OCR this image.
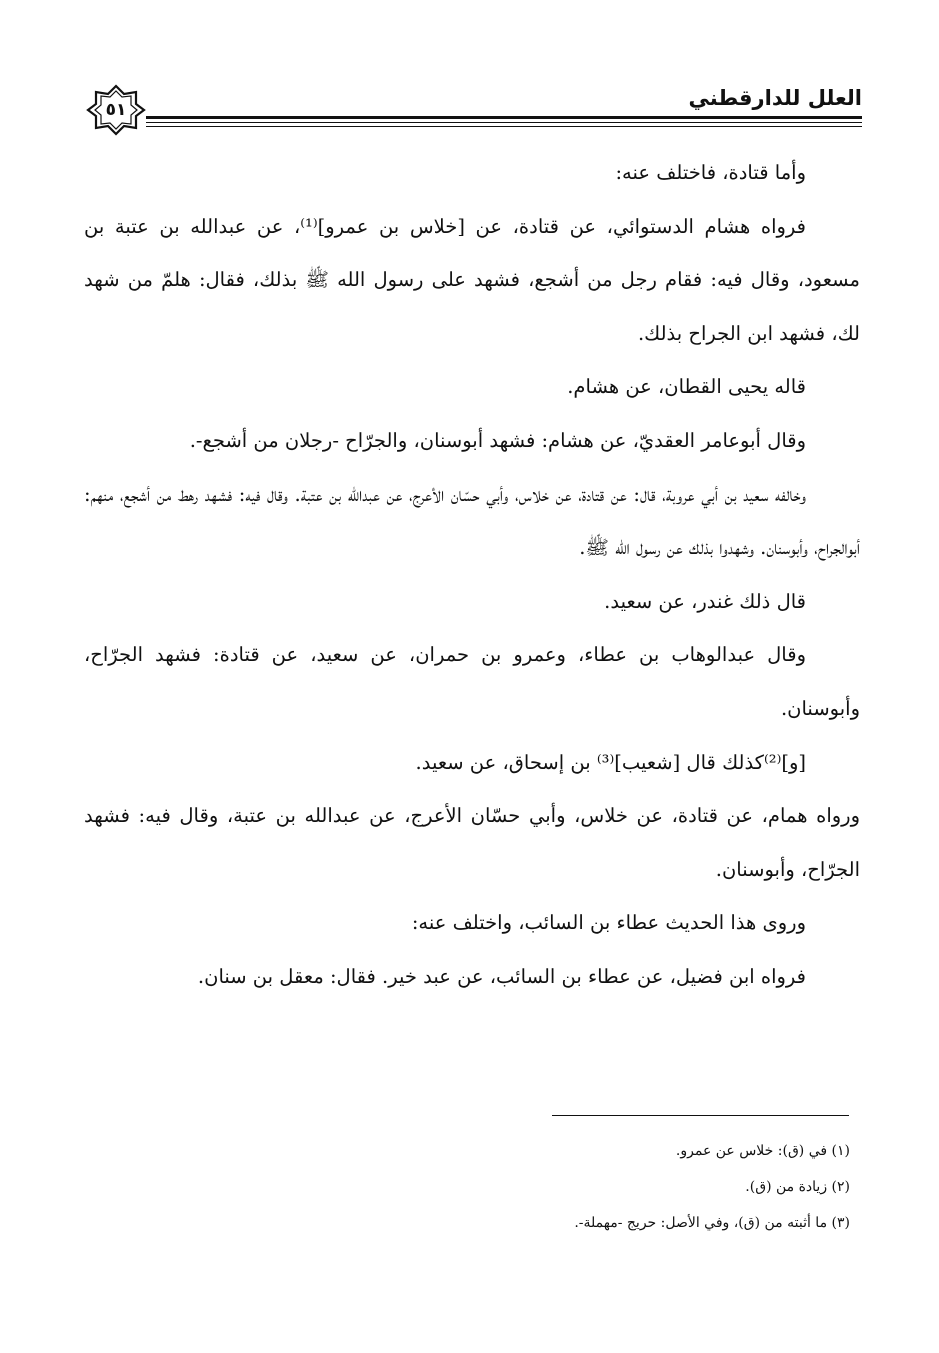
العلل للدارقطني
٥١

وأما قتادة، فاختلف عنه:

فرواه هشام الدستوائي، عن قتادة، عن [خلاس بن عمرو]⁽¹⁾، عن عبدالله بن عتبة بن مسعود، وقال فيه: فقام رجل من أشجع، فشهد على رسول الله ﷺ بذلك، فقال: هلمّ من شهد لك، فشهد ابن الجراح بذلك.

قاله يحيى القطان، عن هشام.

وقال أبوعامر العقديّ، عن هشام: فشهد أبوسنان، والجرّاح -رجلان من أشجع-.

وخالفه سعيد بن أبي عروبة، قال: عن قتادة، عن خلاس، وأبي حسّان الأعرج، عن عبدالله بن عتبة. وقال فيه: فشهد رهط من أشجع، منهم: أبوالجراح، وأبوسنان. وشهدوا بذلك عن رسول الله ﷺ.

قال ذلك غندر، عن سعيد.

وقال عبدالوهاب بن عطاء، وعمرو بن حمران، عن سعيد، عن قتادة: فشهد الجرّاح، وأبوسنان.

[و]⁽²⁾كذلك قال [شعيب]⁽³⁾ بن إسحاق، عن سعيد.

ورواه همام، عن قتادة، عن خلاس، وأبي حسّان الأعرج، عن عبدالله بن عتبة، وقال فيه: فشهد الجرّاح، وأبوسنان.

وروى هذا الحديث عطاء بن السائب، واختلف عنه:

فرواه ابن فضيل، عن عطاء بن السائب، عن عبد خير. فقال: معقل بن سنان.

(١) في (ق): خلاس عن عمرو.

(٢) زيادة من (ق).

(٣) ما أثبته من (ق)، وفي الأصل: حريج -مهملة-.
